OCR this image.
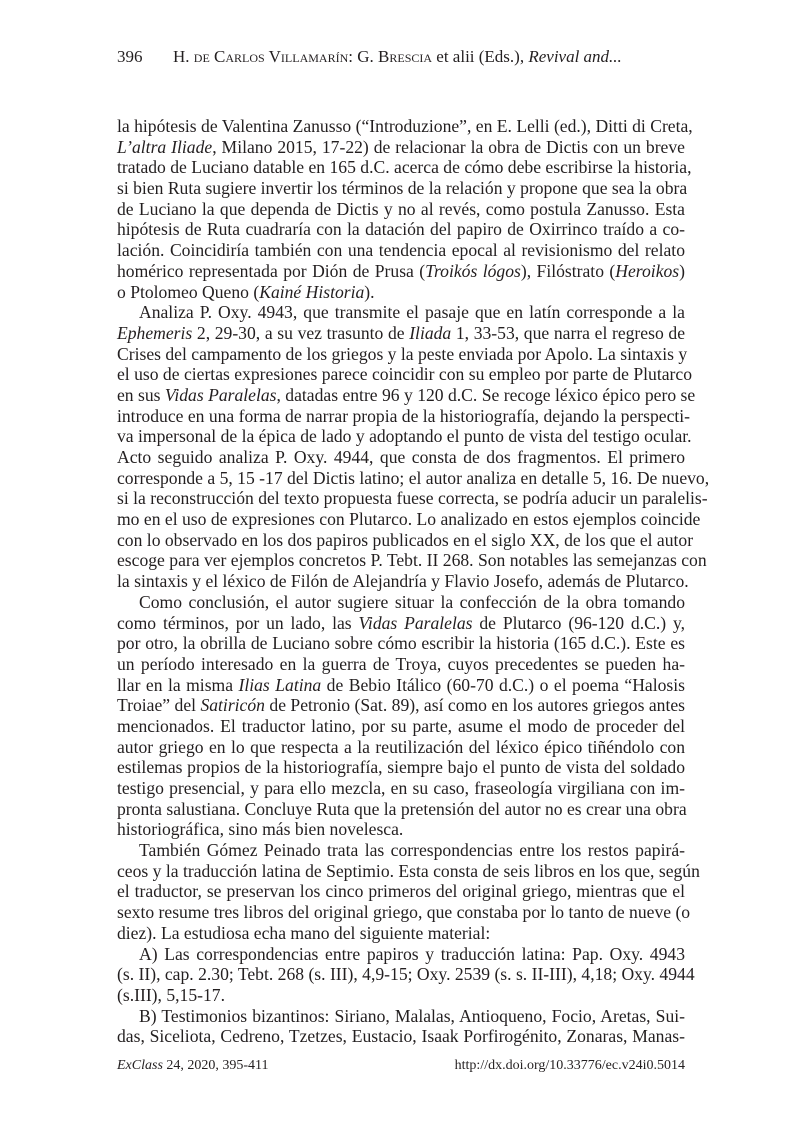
396 H. de Carlos Villamarín: G. Brescia et alii (Eds.), Revival and...
la hipótesis de Valentina Zanusso (“Introduzione”, en E. Lelli (ed.), Ditti di Creta,
L’altra Iliade, Milano 2015, 17-22) de relacionar la obra de Dictis con un breve
tratado de Luciano datable en 165 d.C. acerca de cómo debe escribirse la historia,
si bien Ruta sugiere invertir los términos de la relación y propone que sea la obra
de Luciano la que dependa de Dictis y no al revés, como postula Zanusso. Esta
hipótesis de Ruta cuadraría con la datación del papiro de Oxirrinco traído a co-
lación. Coincidiría también con una tendencia epocal al revisionismo del relato
homérico representada por Dión de Prusa (Troikós lógos), Filóstrato (Heroikos)
o Ptolomeo Queno (Kainé Historia).
Analiza P. Oxy. 4943, que transmite el pasaje que en latín corresponde a la
Ephemeris 2, 29-30, a su vez trasunto de Iliada 1, 33-53, que narra el regreso de
Crises del campamento de los griegos y la peste enviada por Apolo. La sintaxis y
el uso de ciertas expresiones parece coincidir con su empleo por parte de Plutarco
en sus Vidas Paralelas, datadas entre 96 y 120 d.C. Se recoge léxico épico pero se
introduce en una forma de narrar propia de la historiografía, dejando la perspecti-
va impersonal de la épica de lado y adoptando el punto de vista del testigo ocular.
Acto seguido analiza P. Oxy. 4944, que consta de dos fragmentos. El primero
corresponde a 5, 15 -17 del Dictis latino; el autor analiza en detalle 5, 16. De nuevo,
si la reconstrucción del texto propuesta fuese correcta, se podría aducir un paralelis-
mo en el uso de expresiones con Plutarco. Lo analizado en estos ejemplos coincide
con lo observado en los dos papiros publicados en el siglo XX, de los que el autor
escoge para ver ejemplos concretos P. Tebt. II 268. Son notables las semejanzas con
la sintaxis y el léxico de Filón de Alejandría y Flavio Josefo, además de Plutarco.
Como conclusión, el autor sugiere situar la confección de la obra tomando
como términos, por un lado, las Vidas Paralelas de Plutarco (96-120 d.C.) y,
por otro, la obrilla de Luciano sobre cómo escribir la historia (165 d.C.). Este es
un período interesado en la guerra de Troya, cuyos precedentes se pueden ha-
llar en la misma Ilias Latina de Bebio Itálico (60-70 d.C.) o el poema “Halosis
Troiae” del Satiricón de Petronio (Sat. 89), así como en los autores griegos antes
mencionados. El traductor latino, por su parte, asume el modo de proceder del
autor griego en lo que respecta a la reutilización del léxico épico tiñéndolo con
estilemas propios de la historiografía, siempre bajo el punto de vista del soldado
testigo presencial, y para ello mezcla, en su caso, fraseología virgiliana con im-
pronta salustiana. Concluye Ruta que la pretensión del autor no es crear una obra
historiográfica, sino más bien novelesca.
También Gómez Peinado trata las correspondencias entre los restos papirá-
ceos y la traducción latina de Septimio. Esta consta de seis libros en los que, según
el traductor, se preservan los cinco primeros del original griego, mientras que el
sexto resume tres libros del original griego, que constaba por lo tanto de nueve (o
diez). La estudiosa echa mano del siguiente material:
A) Las correspondencias entre papiros y traducción latina: Pap. Oxy. 4943
(s. II), cap. 2.30; Tebt. 268 (s. III), 4,9-15; Oxy. 2539 (s. s. II-III), 4,18; Oxy. 4944
(s.III), 5,15-17.
B) Testimonios bizantinos: Siriano, Malalas, Antioqueno, Focio, Aretas, Sui-
das, Siceliota, Cedreno, Tzetzes, Eustacio, Isaak Porfirogénito, Zonaras, Manas-
ExClass 24, 2020, 395-411	http://dx.doi.org/10.33776/ec.v24i0.5014
